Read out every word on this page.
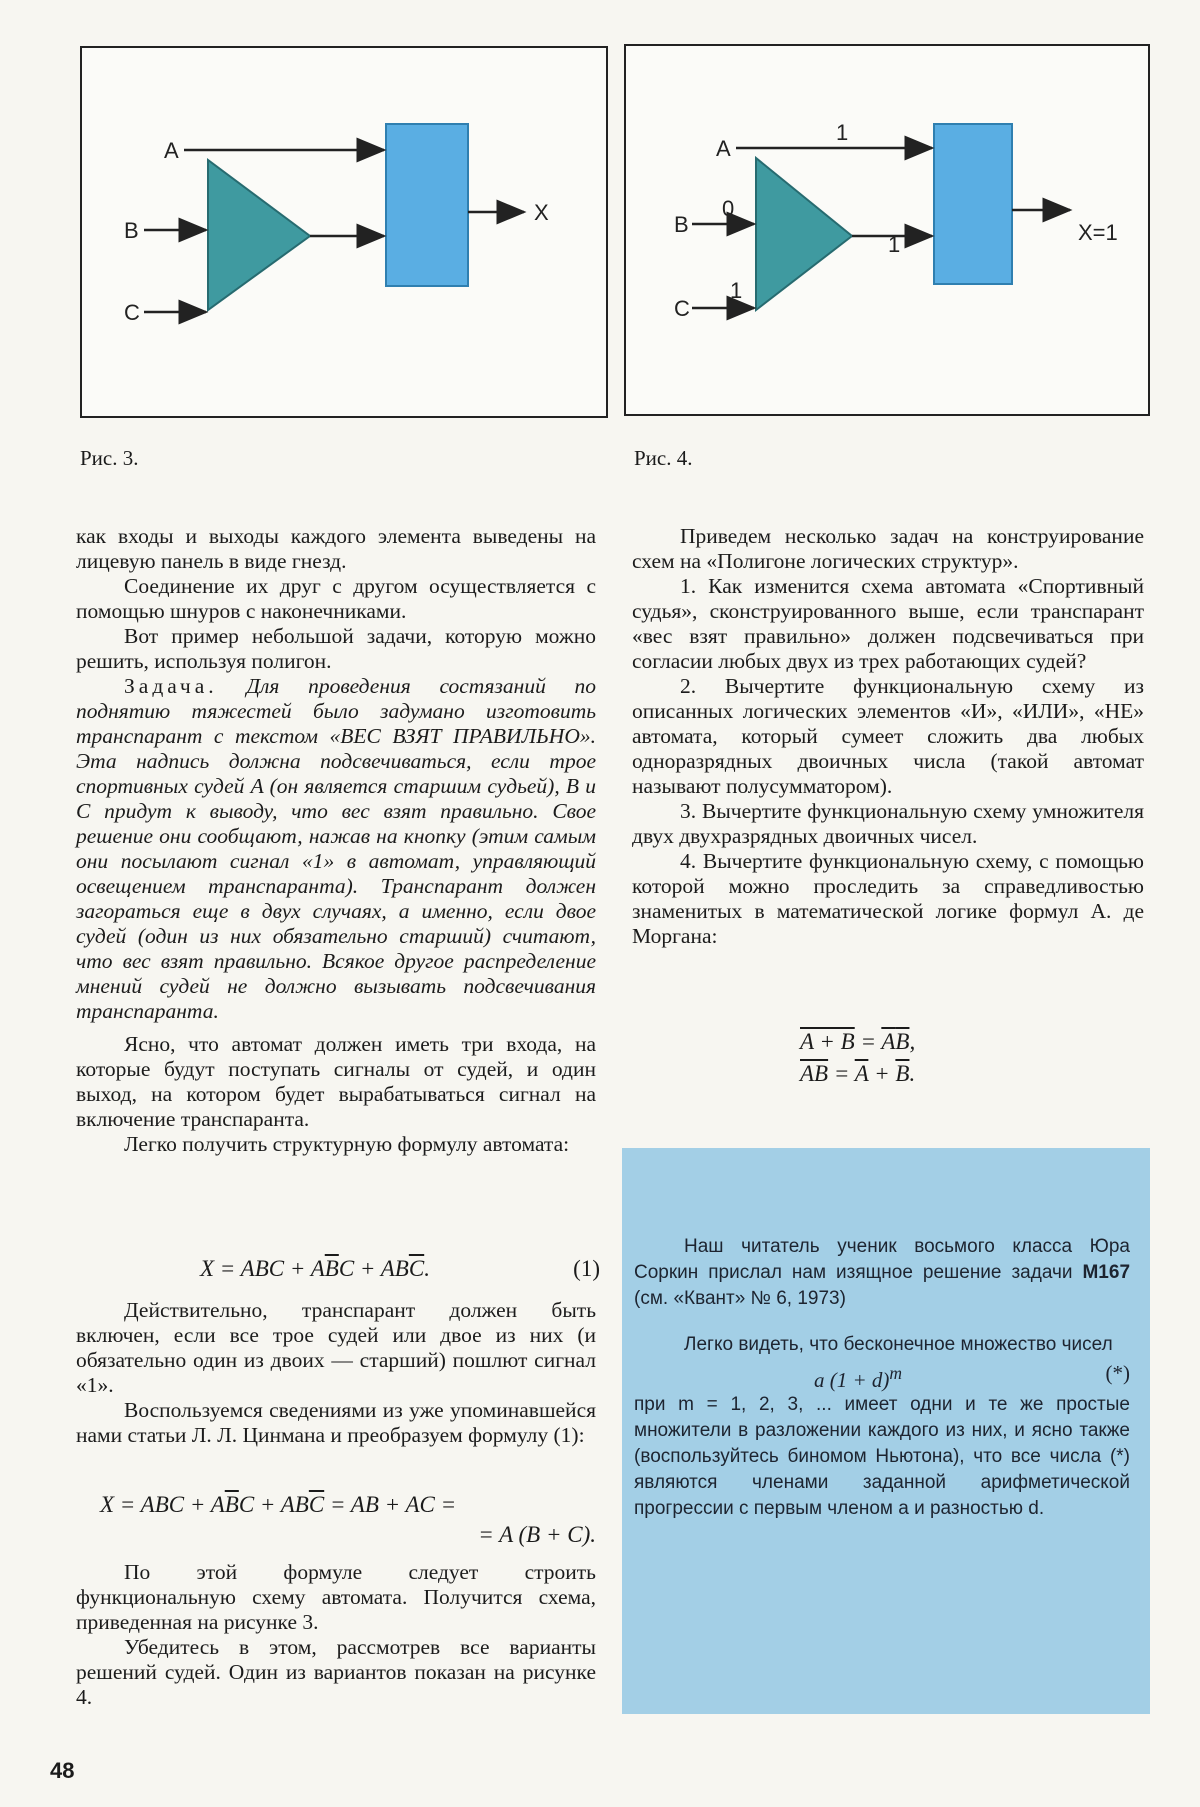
A
B
C
X
Рис. 3.
A
B
C
1
0
1
1	X=1
Рис. 4.

как входы и выходы каждого элемента выведены на лицевую панель в виде гнезд.

Соединение их друг с другом осуществляется с помощью шнуров с наконечниками.

Вот пример небольшой задачи, которую можно решить, используя полигон.

Задача. Для проведения состязаний по поднятию тяжестей было задумано изготовить транспарант с текстом «ВЕС ВЗЯТ ПРАВИЛЬНО». Эта надпись должна подсвечиваться, если трое спортивных судей A (он является старшим судьей), B и C придут к выводу, что вес взят правильно. Свое решение они сообщают, нажав на кнопку (этим самым они посылают сигнал «1» в автомат, управляющий освещением транспаранта). Транспарант должен загораться еще в двух случаях, а именно, если двое судей (один из них обязательно старший) считают, что вес взят правильно. Всякое другое распределение мнений судей не должно вызывать подсвечивания транспаранта.

Ясно, что автомат должен иметь три входа, на которые будут поступать сигналы от судей, и один выход, на котором будет вырабатываться сигнал на включение транспаранта.

Легко получить структурную формулу автомата:

X = ABC + $A\overline{B}C + AB\overline{C}$.	(1)

Действительно, транспарант должен быть включен, если все трое судей или двое из них (и обязательно один из двоих — старший) пошлют сигнал «1».

Воспользуемся сведениями из уже упоминавшейся нами статьи Л. Л. Цинмана и преобразуем формулу (1):

X = ABC + $A\overline{B}C + AB\overline{C}$ = AB + AC =
= A (B + C).

По этой формуле следует строить функциональную схему автомата. Получится схема, приведенная на рисунке 3.

Убедитесь в этом, рассмотрев все варианты решений судей. Один из вариантов показан на рисунке 4.

Приведем несколько задач на конструирование схем на «Полигоне логических структур».

1. Как изменится схема автомата «Спортивный судья», сконструированного выше, если транспарант «вес взят правильно» должен подсвечиваться при согласии любых двух из трех работающих судей?

2. Вычертите функциональную схему из описанных логических элементов «И», «ИЛИ», «НЕ» автомата, который сумеет сложить два любых одноразрядных двоичных числа (такой автомат называют полусумматором).

3. Вычертите функциональную схему умножителя двух двухразрядных двоичных чисел.

4. Вычертите функциональную схему, с помощью которой можно проследить за справедливостью знаменитых в математической логике формул А. де Моргана:

$A + B = \overline{A}\overline{B}$,
$\overline{AB} = \overline{A} + \overline{B}$.

Наш читатель ученик восьмого класса Юра Соркин прислал нам изящное решение задачи М167 (см. «Квант» № 6, 1973)

Легко видеть, что бесконечное множество чисел

a $(1 + d)^m$	(*)

при m = 1, 2, 3, ... имеет одни и те же простые множители в разложении каждого из них, и ясно также (воспользуйтесь биномом Ньютона), что все числа (*) являются членами заданной арифметической прогрессии с первым членом a и разностью d.

48
